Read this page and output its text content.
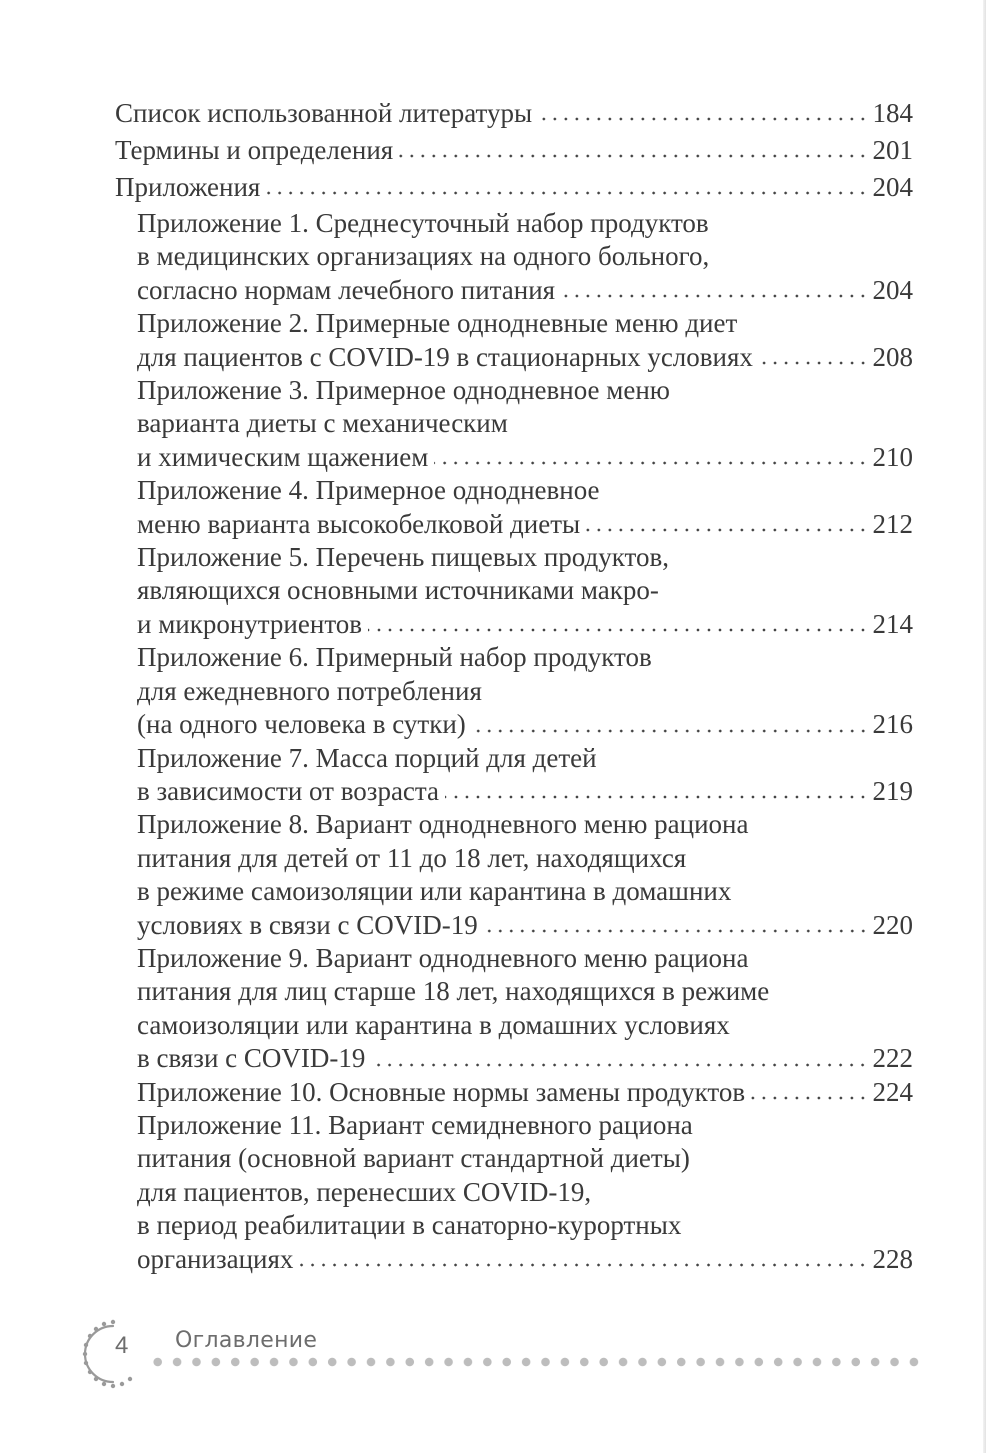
Список использованной литературы	184
Термины и определения	201
Приложения	204
Приложение 1. Среднесуточный набор продуктов
в медицинских организациях на одного больного,
согласно нормам лечебного питания	204
Приложение 2. Примерные однодневные меню диет
для пациентов с COVID-19 в стационарных условиях	208
Приложение 3. Примерное однодневное меню
варианта диеты с механическим
и химическим щажением	210
Приложение 4. Примерное однодневное
меню варианта высокобелковой диеты	212
Приложение 5. Перечень пищевых продуктов,
являющихся основными источниками макро-
и микронутриентов	214
Приложение 6. Примерный набор продуктов
для ежедневного потребления
(на одного человека в сутки)	216
Приложение 7. Масса порций для детей
в зависимости от возраста	219
Приложение 8. Вариант однодневного меню рациона
питания для детей от 11 до 18 лет, находящихся
в режиме самоизоляции или карантина в домашних
условиях в связи с COVID-19	220
Приложение 9. Вариант однодневного меню рациона
питания для лиц старше 18 лет, находящихся в режиме
самоизоляции или карантина в домашних условиях
в связи с COVID-19	222
Приложение 10. Основные нормы замены продуктов	224
Приложение 11. Вариант семидневного рациона
питания (основной вариант стандартной диеты)
для пациентов, перенесших COVID-19,
в период реабилитации в санаторно-курортных
организациях	228
4 Оглавление
